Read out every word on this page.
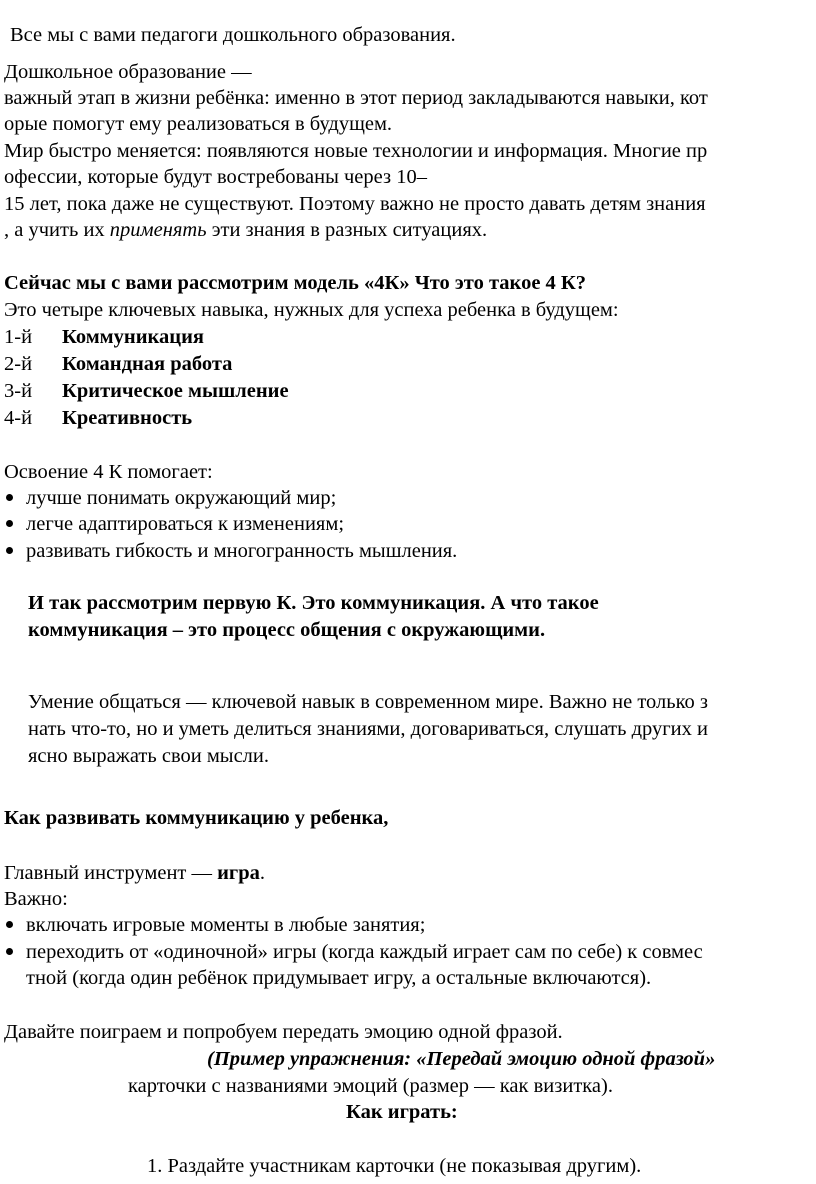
Все мы с вами педагоги дошкольного образования.
Дошкольное образование —
важный этап в жизни ребёнка: именно в этот период закладываются навыки, кот
орые помогут ему реализоваться в будущем.
Мир быстро меняется: появляются новые технологии и информация. Многие пр
офессии, которые будут востребованы через 10–
15 лет, пока даже не существуют. Поэтому важно не просто давать детям знания
, а учить их применять эти знания в разных ситуациях.
Сейчас мы с вами рассмотрим модель «4К» Что это такое 4 К?
Это четыре ключевых навыка, нужных для успеха ребенка в будущем:
1-й Коммуникация
2-й Командная работа
3-й Критическое мышление
4-й Креативность
Освоение 4 К помогает:
лучше понимать окружающий мир;
легче адаптироваться к изменениям;
развивать гибкость и многогранность мышления.
И так рассмотрим первую К. Это коммуникация. А что такое
коммуникация – это процесс общения с окружающими.
Умение общаться — ключевой навык в современном мире. Важно не только з
нать что-то, но и уметь делиться знаниями, договариваться, слушать других и
ясно выражать свои мысли.
Как развивать коммуникацию у ребенка,
Главный инструмент — игра.
Важно:
включать игровые моменты в любые занятия;
переходить от «одиночной» игры (когда каждый играет сам по себе) к совмес
тной (когда один ребёнок придумывает игру, а остальные включаются).
Давайте поиграем и попробуем передать эмоцию одной фразой.
(Пример упражнения: «Передай эмоцию одной фразой»
карточки с названиями эмоций (размер — как визитка).
Как играть:
1. Раздайте участникам карточки (не показывая другим).
